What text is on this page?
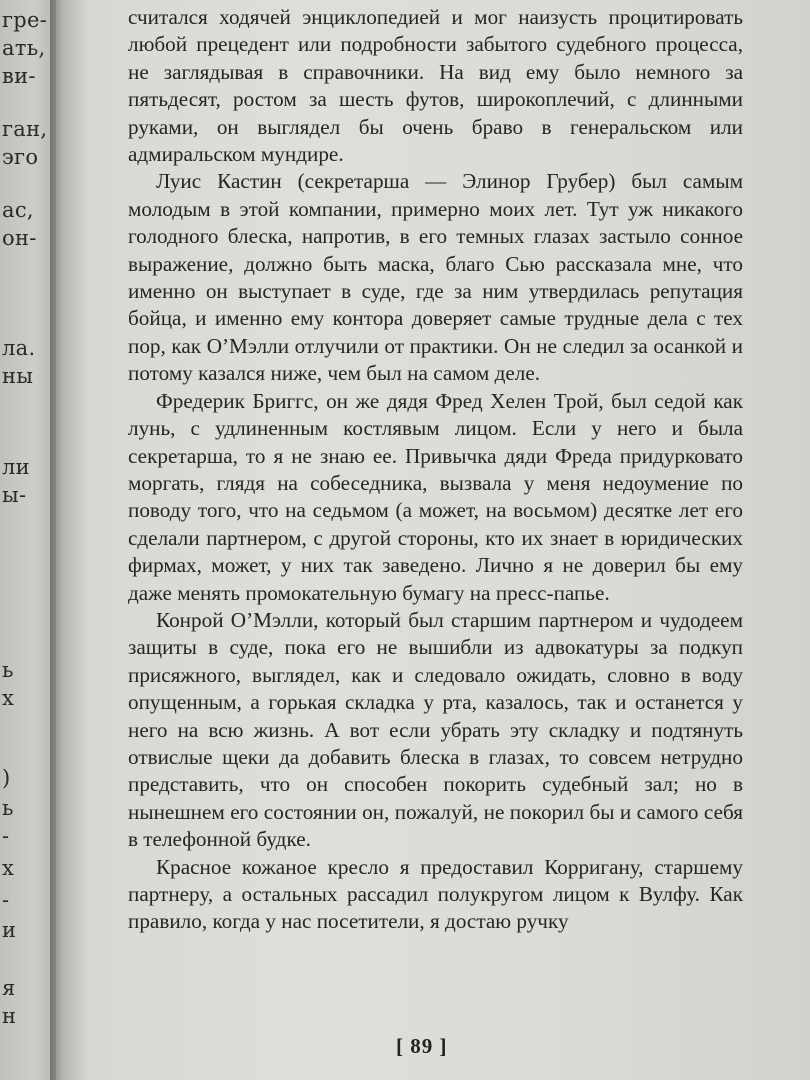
гре-
ать,
ви-
ган,
эго
ас,
он-
ла.
ны
ли
ы-
ь
х
)
ь
-
х
-
и
я
н

считался ходячей энциклопедией и мог наизусть процитировать любой прецедент или подробности забытого судебного процесса, не заглядывая в справочники. На вид ему было немного за пятьдесят, ростом за шесть футов, широкоплечий, с длинными руками, он выглядел бы очень браво в генеральском или адмиральском мундире.

Луис Кастин (секретарша — Элинор Грубер) был самым молодым в этой компании, примерно моих лет. Тут уж никакого голодного блеска, напротив, в его темных глазах застыло сонное выражение, должно быть маска, благо Сью рассказала мне, что именно он выступает в суде, где за ним утвердилась репутация бойца, и именно ему контора доверяет самые трудные дела с тех пор, как О’Мэлли отлучили от практики. Он не следил за осанкой и потому казался ниже, чем был на самом деле.

Фредерик Бриггс, он же дядя Фред Хелен Трой, был седой как лунь, с удлиненным костлявым лицом. Если у него и была секретарша, то я не знаю ее. Привычка дяди Фреда придурковато моргать, глядя на собеседника, вызвала у меня недоумение по поводу того, что на седьмом (а может, на восьмом) десятке лет его сделали партнером, с другой стороны, кто их знает в юридических фирмах, может, у них так заведено. Лично я не доверил бы ему даже менять промокательную бумагу на пресс-папье.

Конрой О’Мэлли, который был старшим партнером и чудодеем защиты в суде, пока его не вышибли из адвокатуры за подкуп присяжного, выглядел, как и следовало ожидать, словно в воду опущенным, а горькая складка у рта, казалось, так и останется у него на всю жизнь. А вот если убрать эту складку и подтянуть отвислые щеки да добавить блеска в глазах, то совсем нетрудно представить, что он способен покорить судебный зал; но в нынешнем его состоянии он, пожалуй, не покорил бы и самого себя в телефонной будке.

Красное кожаное кресло я предоставил Корригану, старшему партнеру, а остальных рассадил полукругом лицом к Вулфу. Как правило, когда у нас посетители, я достаю ручку

[ 89 ]
